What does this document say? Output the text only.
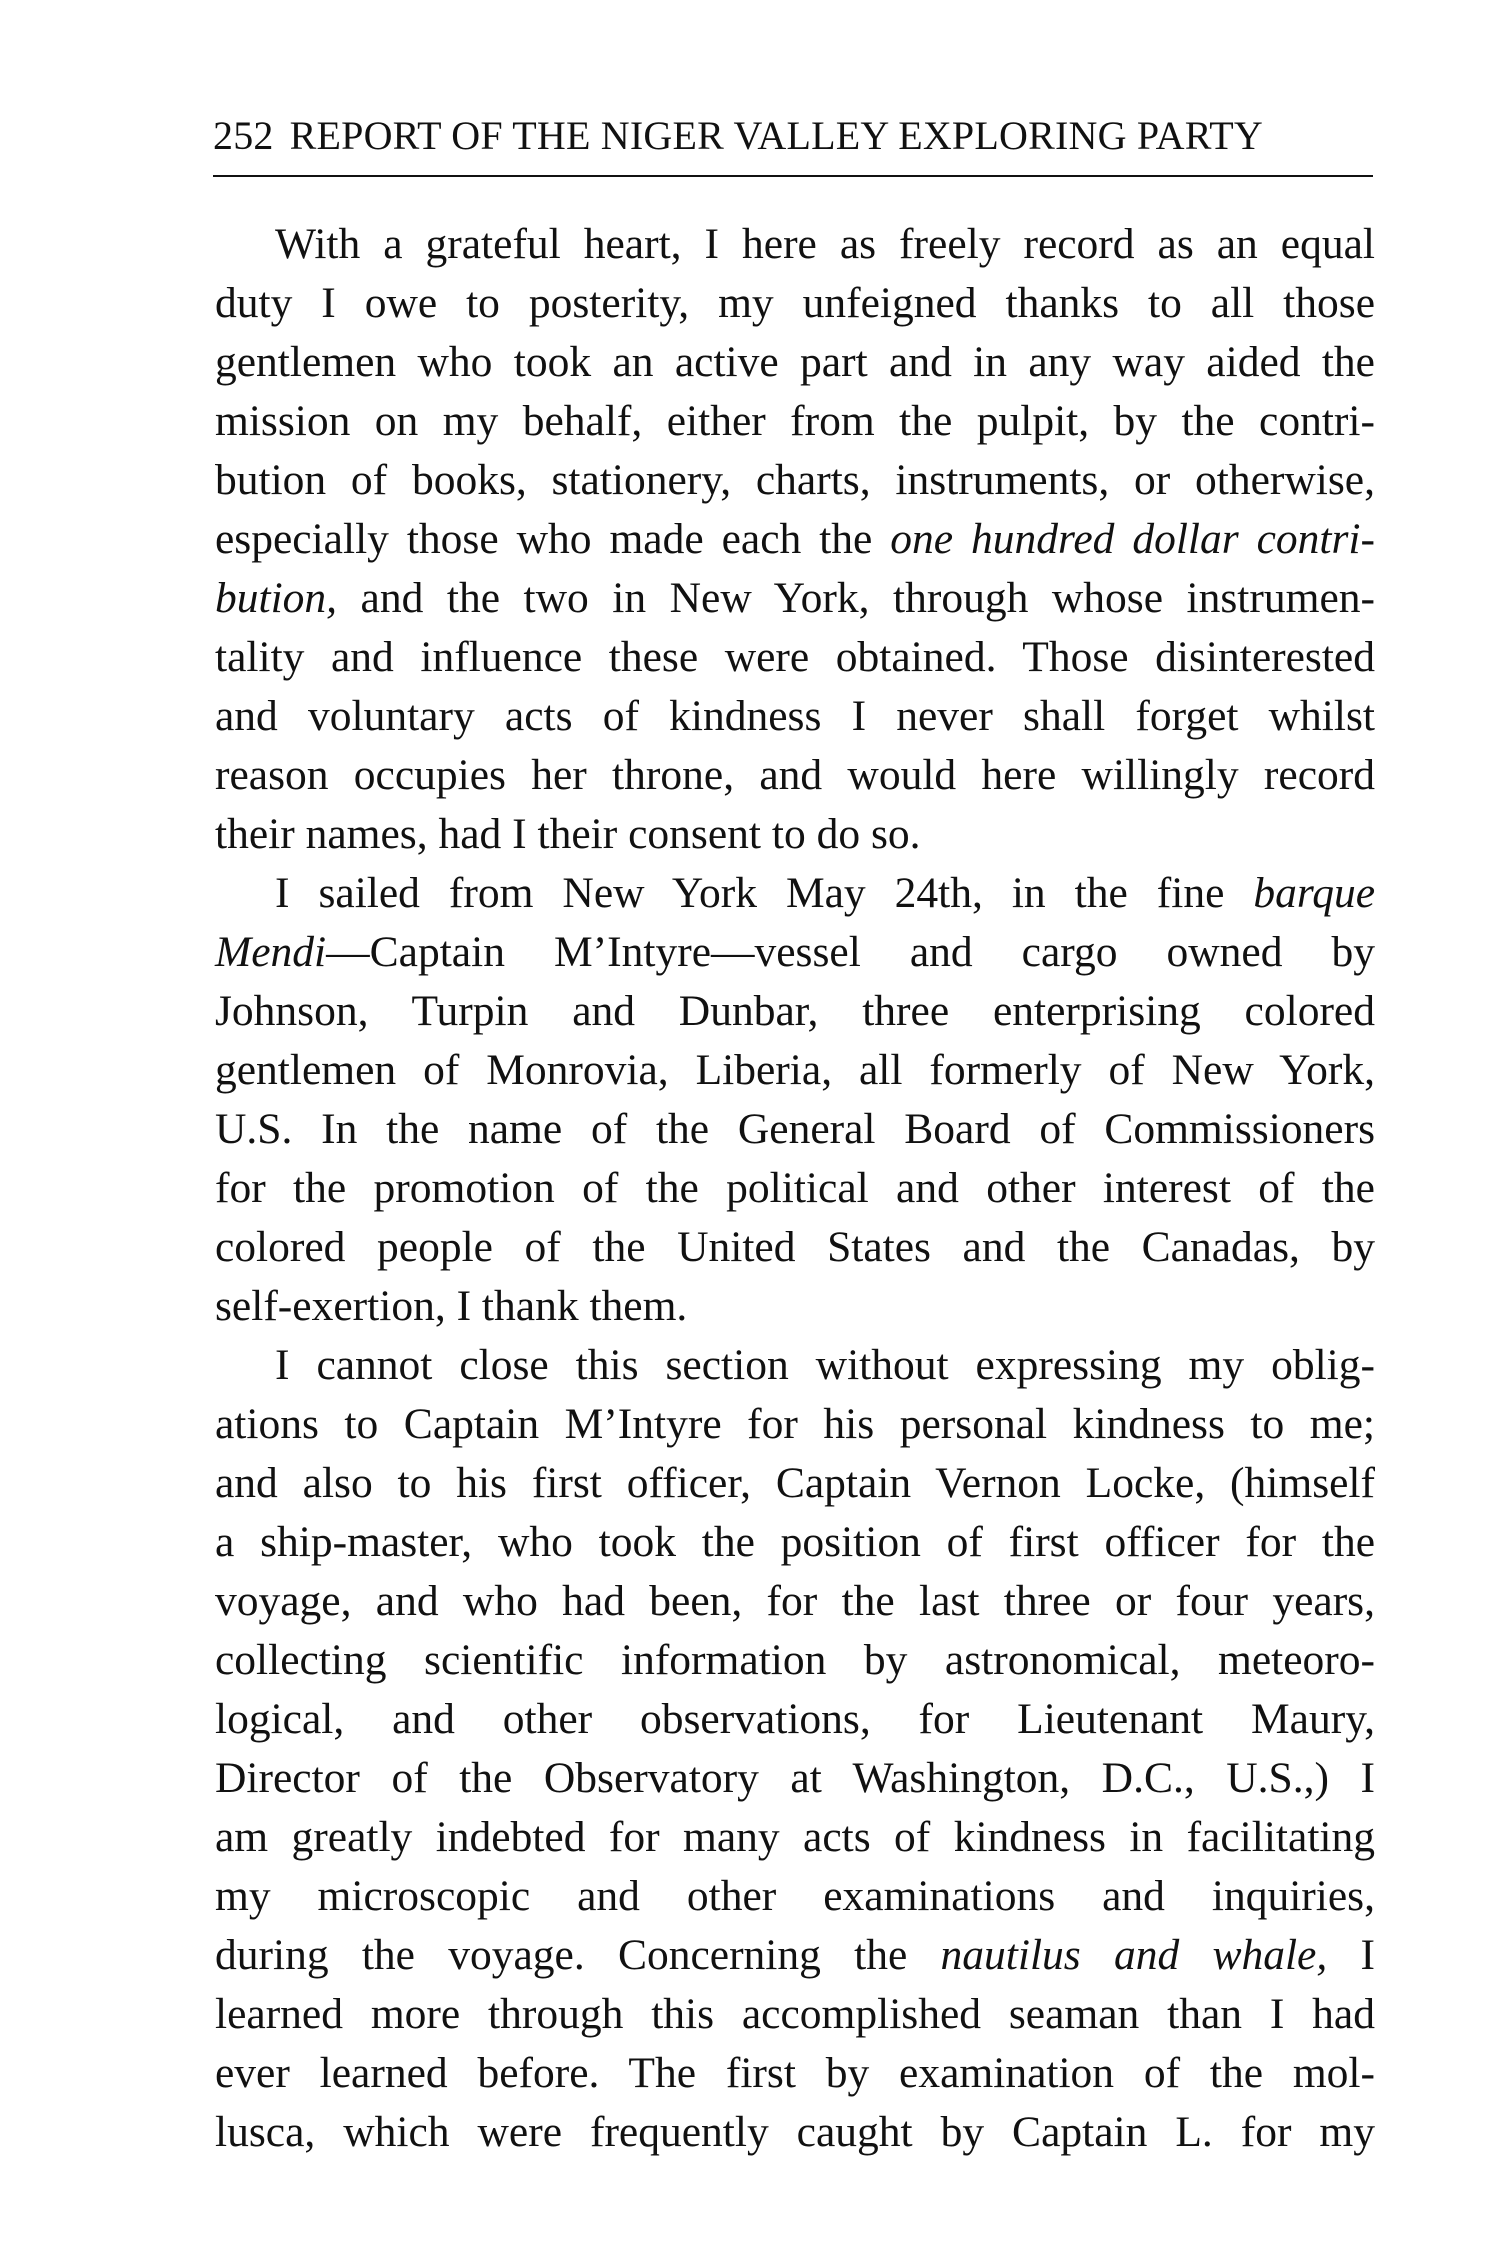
252 REPORT OF THE NIGER VALLEY EXPLORING PARTY
With a grateful heart, I here as freely record as an equal
duty I owe to posterity, my unfeigned thanks to all those
gentlemen who took an active part and in any way aided the
mission on my behalf, either from the pulpit, by the contri-
bution of books, stationery, charts, instruments, or otherwise,
especially those who made each the one hundred dollar contri-
bution, and the two in New York, through whose instrumen-
tality and influence these were obtained. Those disinterested
and voluntary acts of kindness I never shall forget whilst
reason occupies her throne, and would here willingly record
their names, had I their consent to do so.
I sailed from New York May 24th, in the fine barque
Mendi—Captain M’Intyre—vessel and cargo owned by
Johnson, Turpin and Dunbar, three enterprising colored
gentlemen of Monrovia, Liberia, all formerly of New York,
U.S. In the name of the General Board of Commissioners
for the promotion of the political and other interest of the
colored people of the United States and the Canadas, by
self-exertion, I thank them.
I cannot close this section without expressing my oblig-
ations to Captain M’Intyre for his personal kindness to me;
and also to his first officer, Captain Vernon Locke, (himself
a ship-master, who took the position of first officer for the
voyage, and who had been, for the last three or four years,
collecting scientific information by astronomical, meteoro-
logical, and other observations, for Lieutenant Maury,
Director of the Observatory at Washington, D.C., U.S.,) I
am greatly indebted for many acts of kindness in facilitating
my microscopic and other examinations and inquiries,
during the voyage. Concerning the nautilus and whale, I
learned more through this accomplished seaman than I had
ever learned before. The first by examination of the mol-
lusca, which were frequently caught by Captain L. for my
